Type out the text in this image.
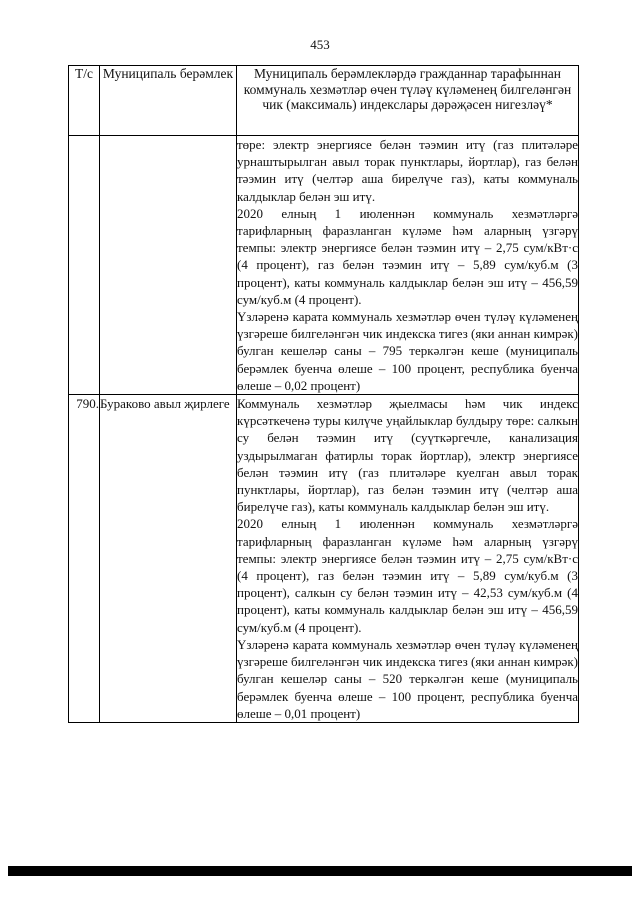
453
Т/с	Муниципаль берәмлек	Муниципаль берәмлекләрдә гражданнар тарафыннан коммуналь хезмәтләр өчен түләү күләменең билгеләнгән чик (максималь) индекслары дәрәҗәсен нигезләү*

		төре: электр энергиясе белән тәэмин итү (газ плитәләре урнаштырылган авыл торак пунктлары, йортлар), газ белән тәэмин итү (челтәр аша бирелүче газ), каты коммуналь калдыклар белән эш итү.

2020 елның 1 июленнән коммуналь хезмәтләргә тарифларның фаразланган күләме һәм аларның үзгәрү темпы: электр энергиясе белән тәэмин итү – 2,75 сум/кВт·с (4 процент), газ белән тәэмин итү – 5,89 сум/куб.м (3 процент), каты коммуналь калдыклар белән эш итү – 456,59 сум/куб.м (4 процент).

Үзләренә карата коммуналь хезмәтләр өчен түләү күләменең үзгәреше билгеләнгән чик индекска тигез (яки аннан кимрәк) булган кешеләр саны – 795 теркәлгән кеше (муниципаль берәмлек буенча өлеше – 100 процент, республика буенча өлеше – 0,02 процент)

790.	Бураково авыл җирлеге	Коммуналь хезмәтләр җыелмасы һәм чик индекс күрсәткеченә туры килүче уңайлыклар булдыру төре: салкын су белән тәэмин итү (суүткәргечле, канализация уздырылмаган фатирлы торак йортлар), электр энергиясе белән тәэмин итү (газ плитәләре куелган авыл торак пунктлары, йортлар), газ белән тәэмин итү (челтәр аша бирелүче газ), каты коммуналь калдыклар белән эш итү.

2020 елның 1 июленнән коммуналь хезмәтләргә тарифларның фаразланган күләме һәм аларның үзгәрү темпы: электр энергиясе белән тәэмин итү – 2,75 сум/кВт·с (4 процент), газ белән тәэмин итү – 5,89 сум/куб.м (3 процент), салкын су белән тәэмин итү – 42,53 сум/куб.м (4 процент), каты коммуналь калдыклар белән эш итү – 456,59 сум/куб.м (4 процент).

Үзләренә карата коммуналь хезмәтләр өчен түләү күләменең үзгәреше билгеләнгән чик индекска тигез (яки аннан кимрәк) булган кешеләр саны – 520 теркәлгән кеше (муниципаль берәмлек буенча өлеше – 100 процент, республика буенча өлеше – 0,01 процент)
